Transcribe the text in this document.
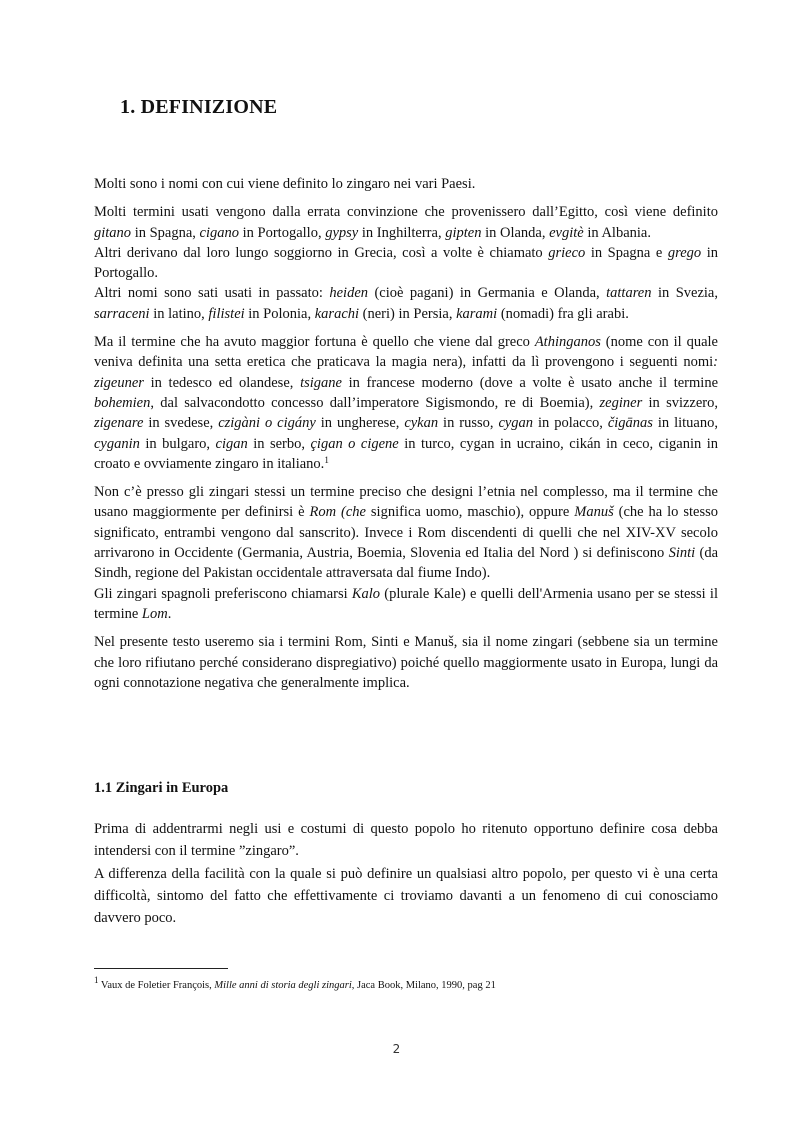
1. DEFINIZIONE

Molti sono i nomi con cui viene definito lo zingaro nei vari Paesi.

Molti termini usati vengono dalla errata convinzione che provenissero dall’Egitto, così viene definito gitano in Spagna, cigano in Portogallo, gypsy in Inghilterra, gipten in Olanda, evgitè in Albania.

Altri derivano dal loro lungo soggiorno in Grecia, così a volte è chiamato grieco in Spagna e grego in Portogallo.

Altri nomi sono sati usati in passato: heiden (cioè pagani) in Germania e Olanda, tattaren in Svezia, sarraceni in latino, filistei in Polonia, karachi (neri) in Persia, karami (nomadi) fra gli arabi.

Ma il termine che ha avuto maggior fortuna è quello che viene dal greco Athinganos (nome con il quale veniva definita una setta eretica che praticava la magia nera), infatti da lì provengono i seguenti nomi: zigeuner in tedesco ed olandese, tsigane in francese moderno (dove a volte è usato anche il termine bohemien, dal salvacondotto concesso dall’imperatore Sigismondo, re di Boemia), zeginer in svizzero, zigenare in svedese, czigàni o cigány in ungherese, cykan in russo, cygan in polacco, čigānas in lituano, cyganin in bulgaro, cigan in serbo, çigan o cigene in turco, cygan in ucraino, cikán in ceco, ciganin in croato e ovviamente zingaro in italiano.$^1$

Non c’è presso gli zingari stessi un termine preciso che designi l’etnia nel complesso, ma il termine che usano maggiormente per definirsi è Rom (che significa uomo, maschio), oppure Manuš (che ha lo stesso significato, entrambi vengono dal sanscrito). Invece i Rom discendenti di quelli che nel XIV-XV secolo arrivarono in Occidente (Germania, Austria, Boemia, Slovenia ed Italia del Nord ) si definiscono Sinti (da Sindh, regione del Pakistan occidentale attraversata dal fiume Indo).

Gli zingari spagnoli preferiscono chiamarsi Kalo (plurale Kale) e quelli dell'Armenia usano per se stessi il termine Lom.

Nel presente testo useremo sia i termini Rom, Sinti e Manuš, sia il nome zingari (sebbene sia un termine che loro rifiutano perché considerano dispregiativo) poiché quello maggiormente usato in Europa, lungi da ogni connotazione negativa che generalmente implica.

1.1 Zingari in Europa

Prima di addentrarmi negli usi e costumi di questo popolo ho ritenuto opportuno definire cosa debba intendersi con il termine ”zingaro”.

A differenza della facilità con la quale si può definire un qualsiasi altro popolo, per questo vi è una certa difficoltà, sintomo del fatto che effettivamente ci troviamo davanti a un fenomeno di cui conosciamo davvero poco.

$^1$ Vaux de Foletier François, Mille anni di storia degli zingari, Jaca Book, Milano, 1990, pag 21
2
